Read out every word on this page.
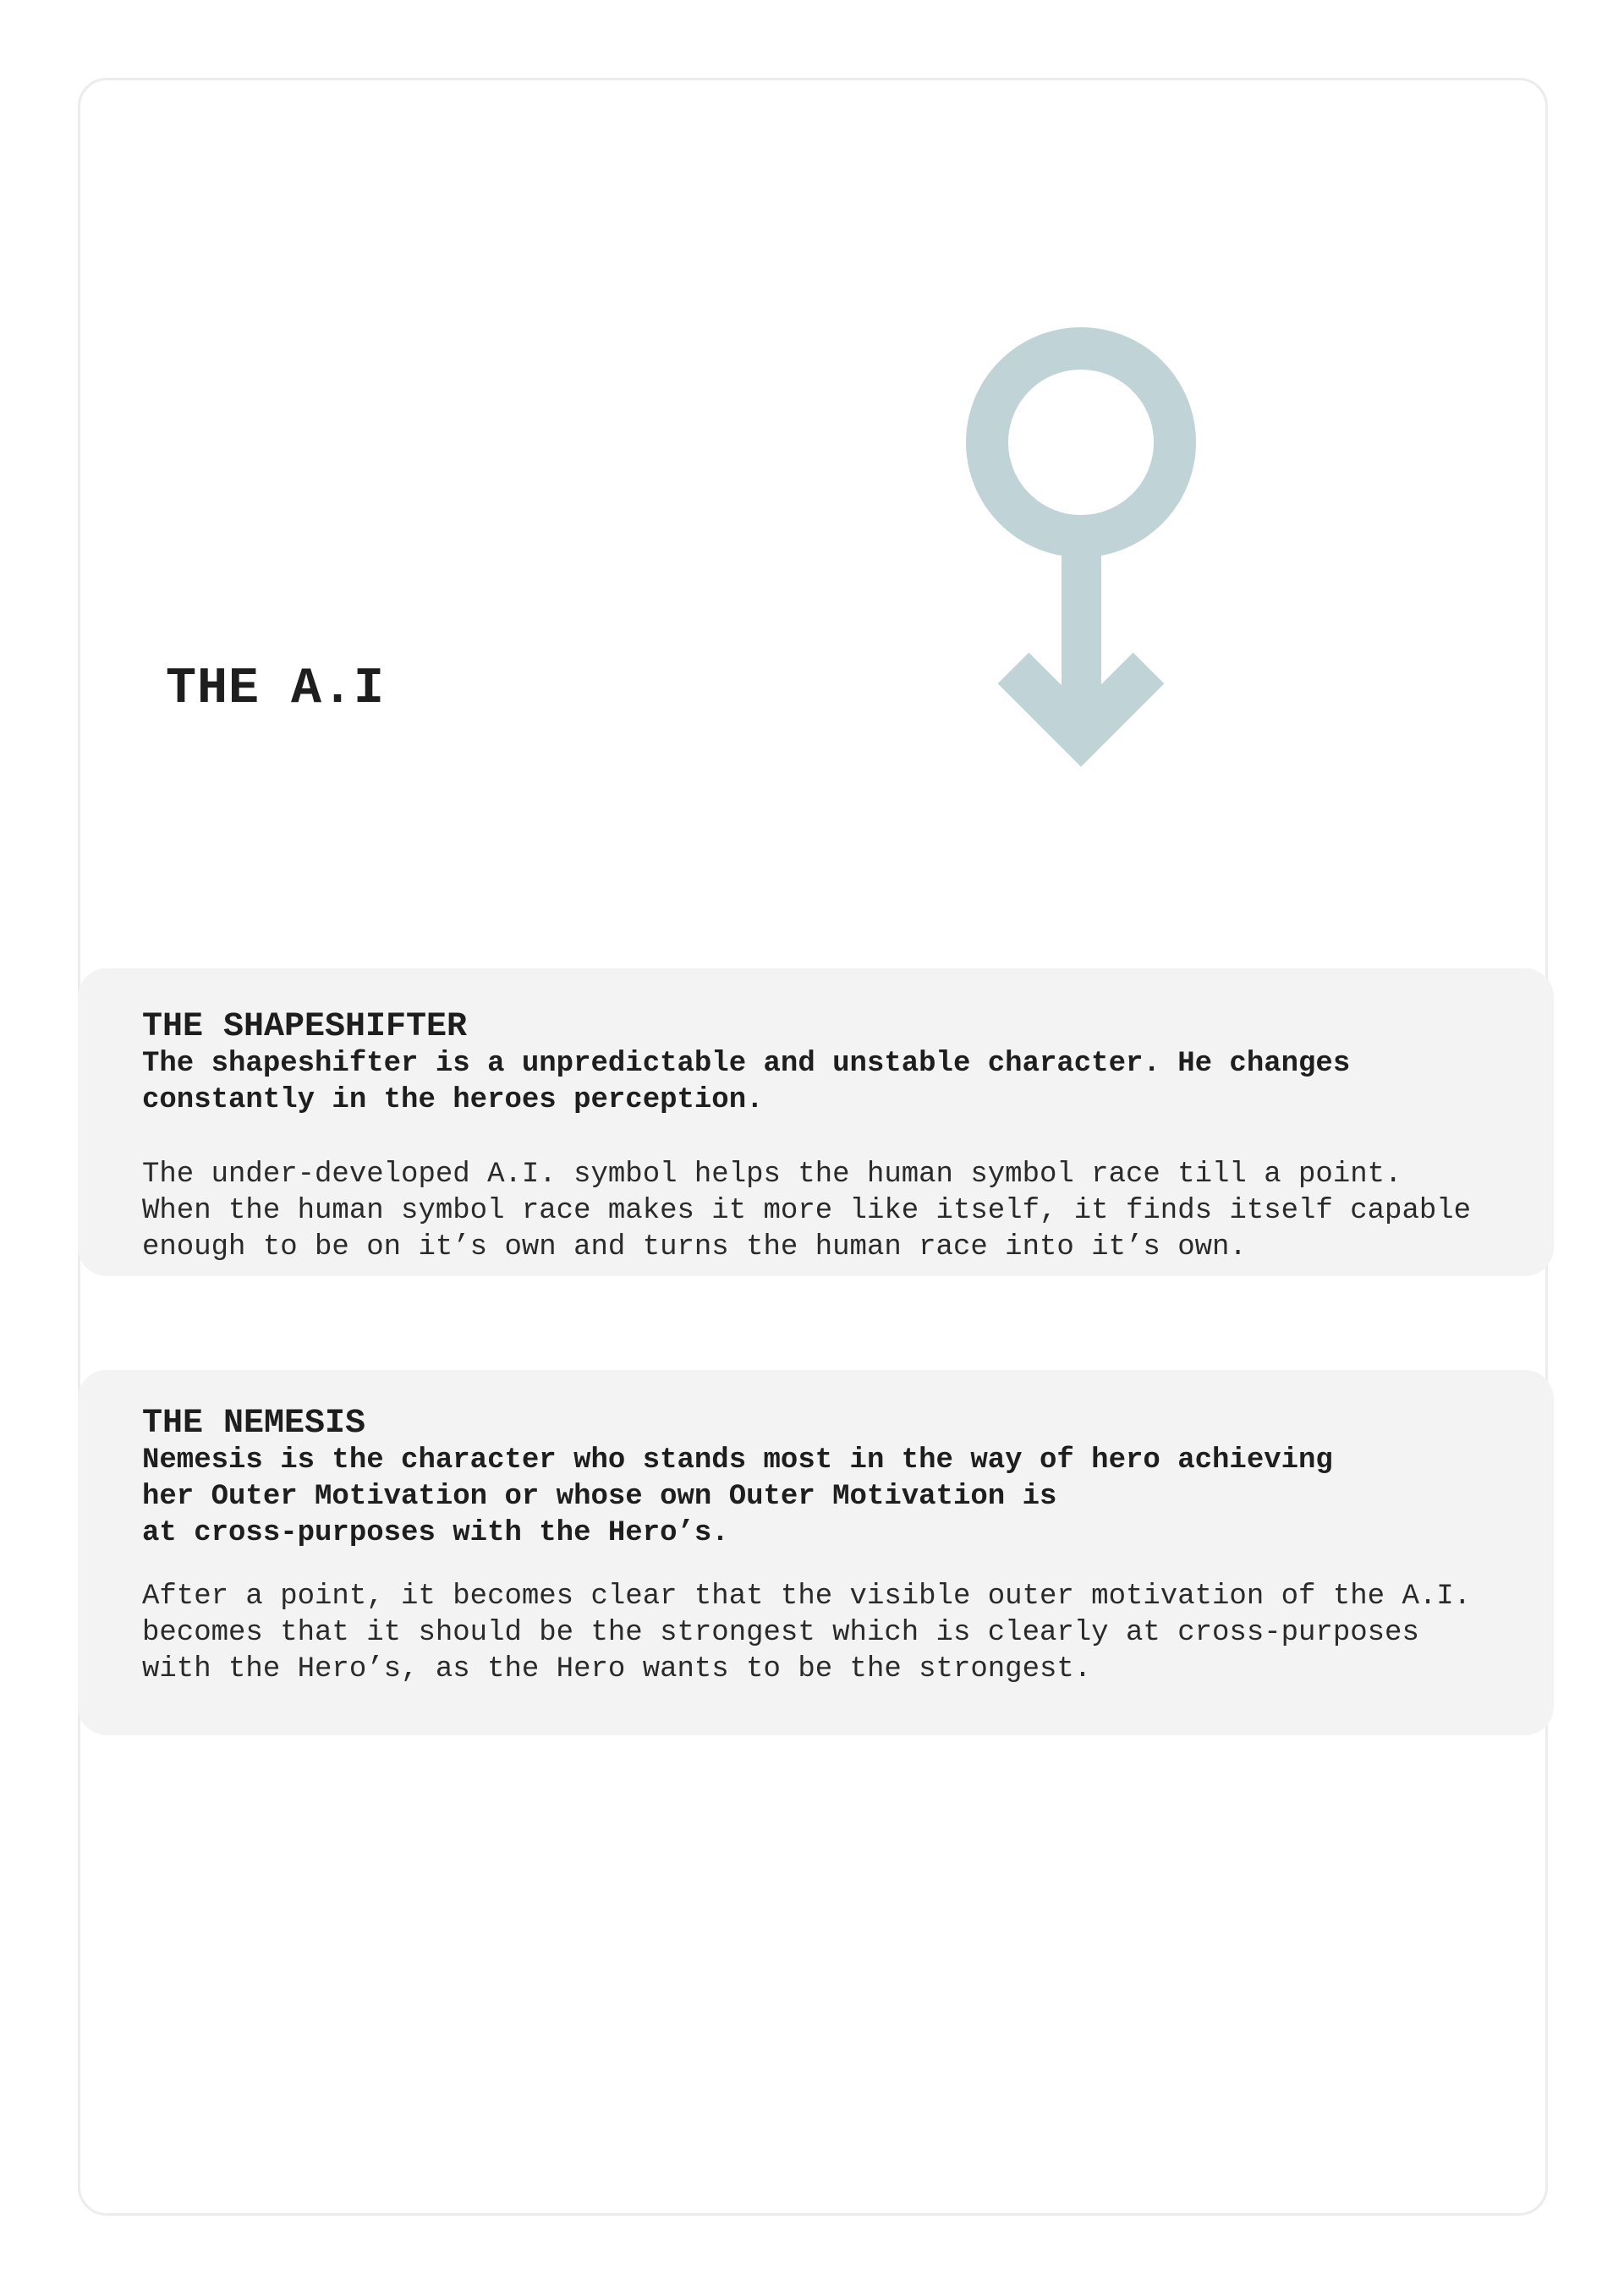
THE A.I
THE SHAPESHIFTER

The shapeshifter is a unpredictable and unstable character. He changes
constantly in the heroes perception.

The under-developed A.I. symbol helps the human symbol race till a point.
When the human symbol race makes it more like itself, it finds itself capable
enough to be on it’s own and turns the human race into it’s own.

THE NEMESIS

Nemesis is the character who stands most in the way of hero achieving
her Outer Motivation or whose own Outer Motivation is
at cross-purposes with the Hero’s.

After a point, it becomes clear that the visible outer motivation of the A.I.
becomes that it should be the strongest which is clearly at cross-purposes
with the Hero’s, as the Hero wants to be the strongest.
